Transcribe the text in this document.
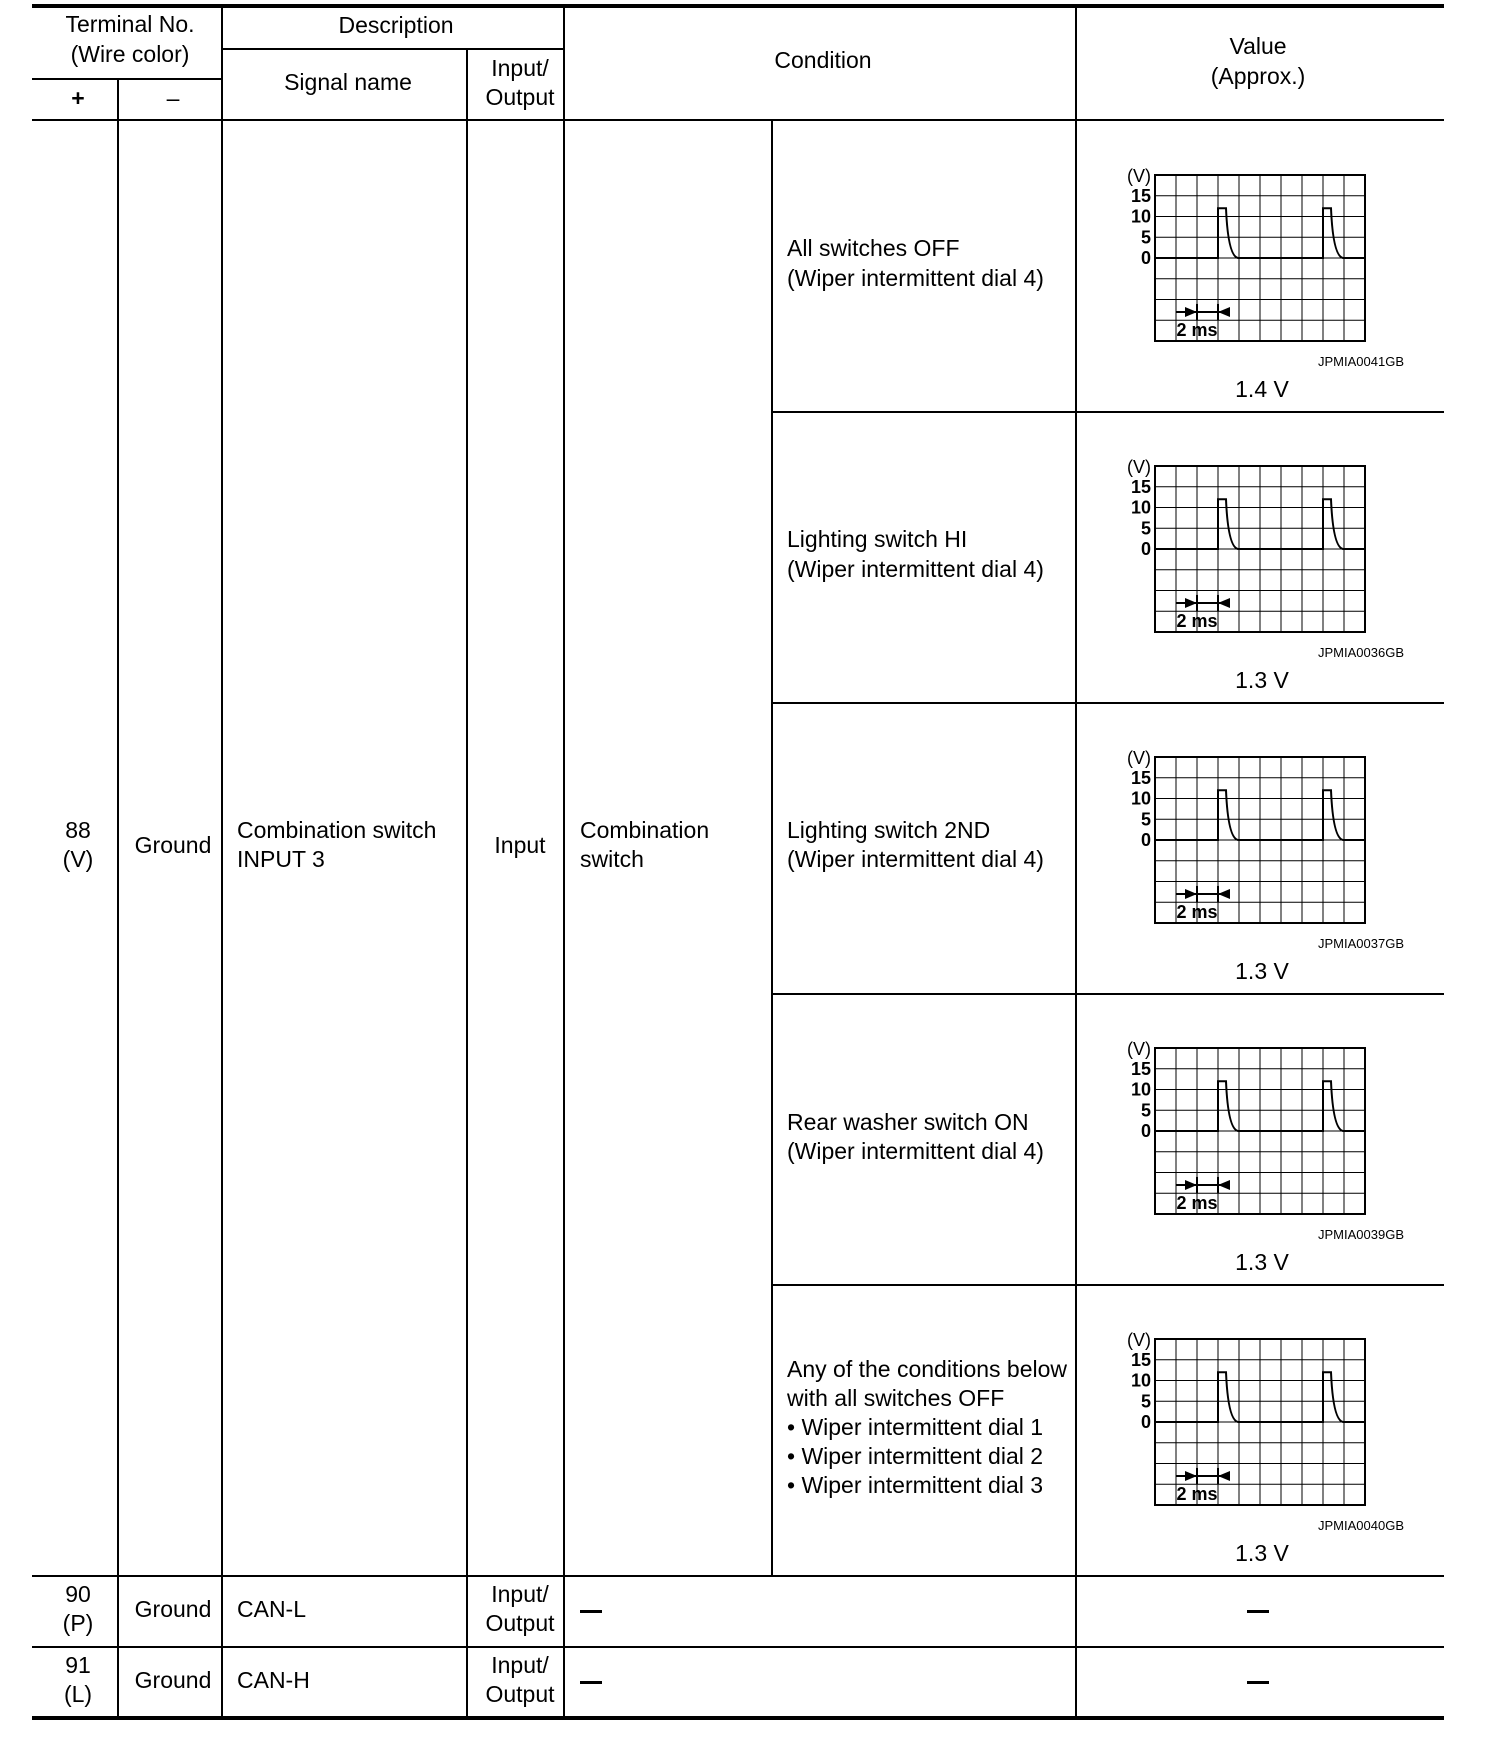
Terminal No.
(Wire color)
+	–
Description
Signal name
Input/
Output
Condition
Value
(Approx.)
88
(V)
Ground
Combination switch
INPUT 3
Input
Combination
switch
All switches OFF
(Wiper intermittent dial 4)
Lighting switch HI
(Wiper intermittent dial 4)
Lighting switch 2ND
(Wiper intermittent dial 4)
Rear washer switch ON
(Wiper intermittent dial 4)
Any of the conditions below
with all switches OFF
• Wiper intermittent dial 1
• Wiper intermittent dial 2
• Wiper intermittent dial 3
(V)
15
10
5
0
2 ms
JPMIA0041GB
1.4 V
(V)
15
10
5
0
2 ms
JPMIA0036GB
1.3 V
(V)
15
10
5
0
2 ms
JPMIA0037GB
1.3 V
(V)
15
10
5
0
2 ms
JPMIA0039GB
1.3 V
(V)
15
10
5
0
2 ms
JPMIA0040GB
1.3 V
90
(P)
Ground CAN-L
Input/
Output
91
(L)
Ground CAN-H
Input/
Output
